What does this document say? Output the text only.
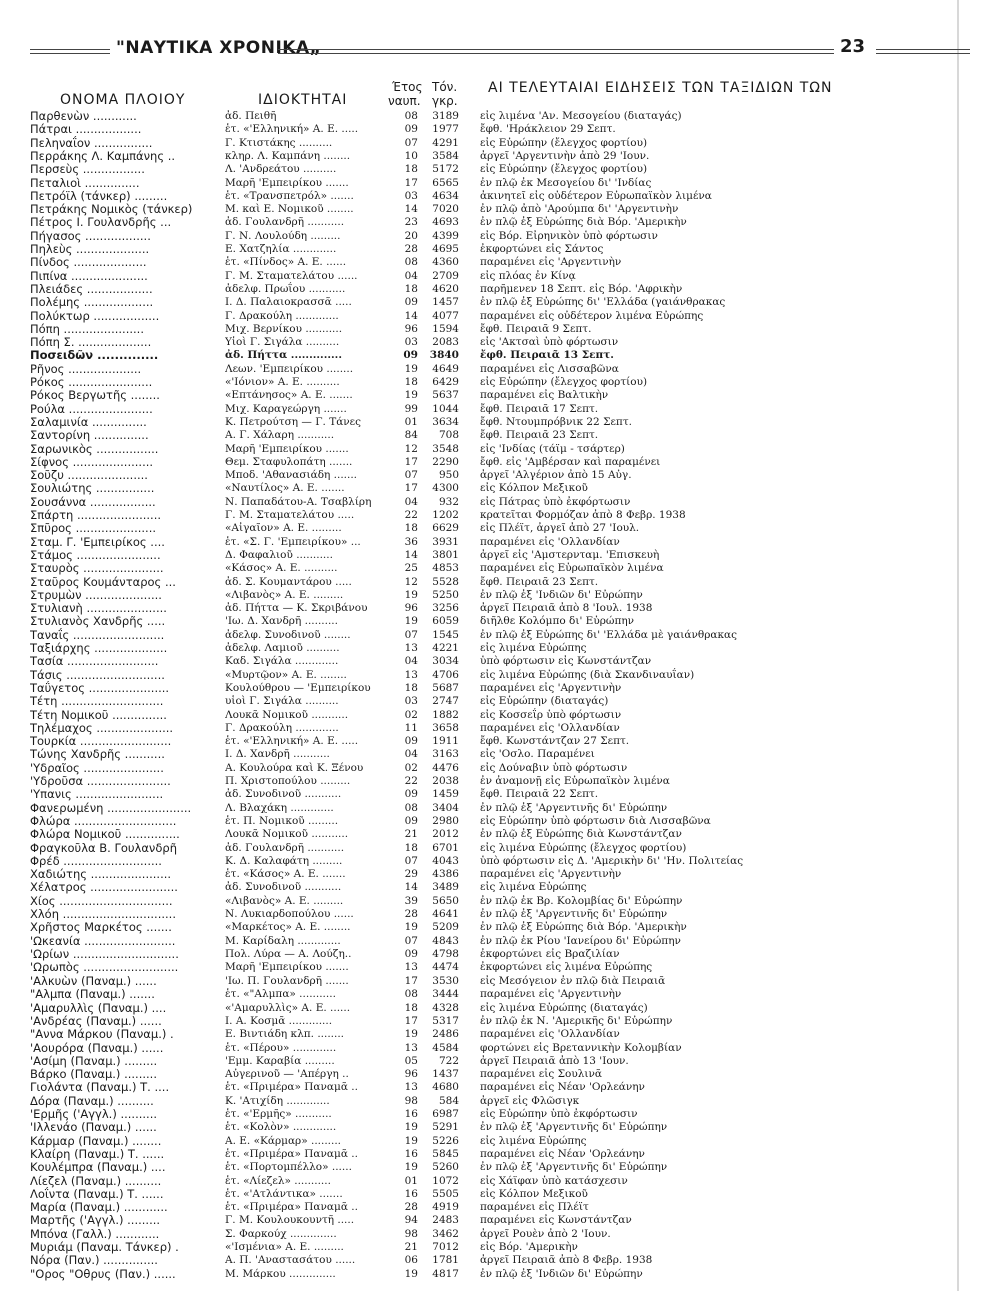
"ΝΑΥΤΙΚΑ ΧΡΟΝΙΚΑ„	23
ΟΝΟΜΑ ΠΛΟΙΟΥ	ΙΔΙΟΚΤΗΤΑΙ
Έτος
ναυπ.
Τόν.
γκρ.
ΑΙ ΤΕΛΕΥΤΑΙΑΙ ΕΙΔΗΣΕΙΣ ΤΩΝ ΤΑΞΙΔΙΩΝ ΤΩΝ
Παρθενὼν ............	ἀδ. Πειθῆ	08	3189 εἰς λιμένα 'Αν. Μεσογείου (διαταγάς)
Πάτραι ..................	ἑτ. «'Ελληνική» Α. Ε. .....	09	1977 ἔφθ. 'Ηράκλειον 29 Σεπτ.
Πεληναΐον ................	Γ. Κτιστάκης ..........	07	4291 εἰς Εὐρώπην (ἔλεγχος φορτίου)
Περράκης Λ. Καμπάνης ..	κληρ. Λ. Καμπάνη ........	10	3584 ἀργεῖ 'Αργεντινὴν ἀπὸ 29 'Ιουν.
Περσεὺς .................	Λ. 'Ανδρεάτου ..........	18	5172 εἰς Εὐρώπην (ἔλεγχος φορτίου)
Πεταλιοὶ ...............	Μαρῆ 'Εμπειρίκου .......	17	6565 ἐν πλῷ ἐκ Μεσογείου δι' 'Ινδίας
Πετρόϊλ (τάνκερ) .........	ἑτ. «Τρανσπετρόλ» .......	03	4634 ἀκινητεῖ εἰς οὐδέτερον Εὐρωπαϊκὸν λιμένα
Πετράκης Νομικὸς (τάνκερ)	Μ. καὶ Ε. Νομικοῦ ........	14	7020 ἐν πλῷ ἀπὸ 'Αρούμπα δι' 'Αργεντινὴν
Πέτρος Ι. Γουλανδρῆς ...	ἀδ. Γουλανδρῆ ...........	23	4693 ἐν πλῷ ἐξ Εὐρώπης διὰ Βόρ. 'Αμερικὴν
Πήγασος ..................	Γ. Ν. Λουλούδη .........	20	4399 εἰς Βόρ. Εἰρηνικὸν ὑπὸ φόρτωσιν
Πηλεὺς ....................	Ε. Χατζηλία .............	28	4695 ἐκφορτώνει εἰς Σάντος
Πίνδος ....................	ἑτ. «Πίνδος» Α. Ε. ......	08	4360 παραμένει εἰς 'Αργεντινὴν
Πιπίνα .....................	Γ. Μ. Σταματελάτου ......	04	2709 εἰς πλόας ἐν Κίνᾳ
Πλειάδες ..................	ἀδελφ. Πρωΐου ...........	18	4620 παρῆμενεν 18 Σεπτ. εἰς Βόρ. 'Αφρικὴν
Πολέμης ...................	Ι. Δ. Παλαιοκρασσᾶ .....	09	1457 ἐν πλῷ ἐξ Εὐρώπης δι' 'Ελλάδα (γαιάνθρακας
Πολύκτωρ ..................	Γ. Δρακούλη .............	14	4077 παραμένει εἰς οὐδέτερον λιμένα Εὐρώπης
Πόπη ......................	Μιχ. Βερνίκου ...........	96	1594 ἔφθ. Πειραιᾶ 9 Σεπτ.
Πόπη Σ. ....................	Υἱοὶ Γ. Σιγάλα ..........	03	2083 εἰς 'Ακτσαὶ ὑπὸ φόρτωσιν
Ποσειδῶν ..............	ἀδ. Πήττα ..............	09	3840 ἔφθ. Πειραιᾶ 13 Σεπτ.
Ρῆνος ....................	Λεων. 'Εμπειρίκου ........	19	4649 παραμένει εἰς Λισσαβῶνα
Ρόκος .......................	«'Ιόνιον» Α. Ε. ..........	18	6429 εἰς Εὐρώπην (ἔλεγχος φορτίου)
Ρόκος Βεργωτῆς ........	«Επτάνησος» Α. Ε. .......	19	5637 παραμένει εἰς Βαλτικὴν
Ρούλα .......................	Μιχ. Καραγεώργη .......	99	1044 ἔφθ. Πειραιᾶ 17 Σεπτ.
Σαλαμινία ...............	Κ. Πετρούτση — Γ. Τάνες	01	3634 ἔφθ. Ντουμπρόβνικ 22 Σεπτ.
Σαντορίνη ...............	Α. Γ. Χάλαρη ...........	84	708 ἔφθ. Πειραιᾶ 23 Σεπτ.
Σαρωνικὸς .................	Μαρῆ 'Εμπειρίκου .......	12	3548 εἰς 'Ινδίας (τάϊμ - τσάρτερ)
Σίφνος ......................	Θεμ. Σταφυλοπάτη .......	17	2290 ἔφθ. εἰς 'Αμβέρσαν καὶ παραμένει
Σοῦζυ ......................	Μποδ. 'Αθανασιάδη .......	07	950 ἀργεῖ 'Αλγέριον ἀπὸ 15 Αὐγ.
Σουλιώτης ................	«Ναυτίλος» Α. Ε. .......	17	4300 εἰς Κόλπον Μεξικοῦ
Σουσάννα ..................	Ν. Παπαδάτου-Α. Τσαβλίρη	04	932 εἰς Πάτρας ὑπὸ ἐκφόρτωσιν
Σπάρτη .......................	Γ. Μ. Σταματελάτου .....	22	1202 κρατεῖται Φορμόζαν ἀπὸ 8 Φεβρ. 1938
Σπῦρος ......................	«Αἰγαῖον» Α. Ε. .........	18	6629 εἰς Πλέϊτ, ἀργεῖ ἀπὸ 27 'Ιουλ.
Σταμ. Γ. 'Εμπειρίκος ....	ἑτ. «Σ. Γ. 'Εμπειρίκου» ...	36	3931 παραμένει εἰς 'Ολλανδίαν
Στάμος .......................	Δ. Φαφαλιοῦ ...........	14	3801 ἀργεῖ εἰς 'Αμστερνταμ. 'Επισκευὴ
Σταυρὸς ......................	«Κάσος» Α. Ε. ..........	25	4853 παραμένει εἰς Εὐρωπαϊκὸν λιμένα
Σταῦρος Κουμάνταρος ...	ἀδ. Σ. Κουμαντάρου .....	12	5528 ἔφθ. Πειραιᾶ 23 Σεπτ.
Στρυμὼν .....................	«Λιβανὸς» Α. Ε. .........	19	5250 ἐν πλῷ ἐξ 'Ινδιῶν δι' Εὐρώπην
Στυλιανὴ ......................	ἀδ. Πήττα — Κ. Σκριβάνου	96	3256 ἀργεῖ Πειραιᾶ ἀπὸ 8 'Ιουλ. 1938
Στυλιανὸς Χανδρῆς .....	'Ιω. Δ. Χανδρῆ ..........	19	6059 διῆλθε Κολόμπο δι' Εὐρώπην
Ταναΐς .........................	ἀδελφ. Συνοδινοῦ ........	07	1545 ἐν πλῷ ἐξ Εὐρώπης δι' 'Ελλάδα μὲ γαιάνθρακας
Ταξιάρχης ....................	ἀδελφ. Λαμιοῦ ..........	13	4221 εἰς λιμένα Εὐρώπης
Τασία .........................	Καδ. Σιγάλα .............	04	3034 ὑπὸ φόρτωσιν εἰς Κωνστάντζαν
Τάσις ...........................	«Μυρτῷον» Α. Ε. ........	13	4706 εἰς λιμένα Εὐρώπης (διὰ Σκανδιναυΐαν)
Ταΰγετος ......................	Κουλούθρου — 'Εμπειρίκου	18	5687 παραμένει εἰς 'Αργεντινὴν
Τέτη ............................	υἱοὶ Γ. Σιγάλα ..........	03	2747 εἰς Εὐρώπην (διαταγάς)
Τέτη Νομικοῦ ...............	Λουκᾶ Νομικοῦ ...........	02	1882 εἰς Κοσσεΐρ ὑπὸ φόρτωσιν
Τηλέμαχος .....................	Γ. Δρακούλη .............	11	3658 παραμένει εἰς 'Ολλανδίαν
Τουρκία .........................	ἑτ. «'Ελληνική» Α. Ε. .....	09	1911 ἔφθ. Κωνστάντζαν 27 Σεπτ.
Τώνης Χανδρῆς ...........	Ι. Δ. Χανδρῆ ...........	04	3163 εἰς 'Οσλο. Παραμένει
'Υδραῖος ......................	Α. Κουλούρα καὶ Κ. Ξένου	02	4476 εἰς Δούναβιν ὑπὸ φόρτωσιν
'Υδροῦσα .......................	Π. Χριστοπούλου .........	22	2038 ἐν ἀναμονῇ εἰς Εὐρωπαϊκὸν λιμένα
'Υπανις ........................	ἀδ. Συνοδινοῦ ...........	09	1459 ἔφθ. Πειραιᾶ 22 Σεπτ.
Φανερωμένη .......................	Λ. Βλαχάκη .............	08	3404 ἐν πλῷ ἐξ 'Αργεντινῆς δι' Εὐρώπην
Φλώρα ............................	ἑτ. Π. Νομικοῦ .........	09	2980 εἰς Εὐρώπην ὑπὸ φόρτωσιν διὰ Λισσαβῶνα
Φλώρα Νομικοῦ ...............	Λουκᾶ Νομικοῦ ...........	21	2012 ἐν πλῷ ἐξ Εὐρώπης διὰ Κωνστάντζαν
Φραγκοῦλα Β. Γουλανδρῆ	ἀδ. Γουλανδρῆ ...........	18	6701 εἰς λιμένα Εὐρώπης (ἔλεγχος φορτίου)
Φρέδ ...........................	Κ. Δ. Καλαφάτη .........	07	4043 ὑπὸ φόρτωσιν εἰς Δ. 'Αμερικὴν δι' 'Ην. Πολιτείας
Χαδιώτης ......................	ἑτ. «Κάσος» Α. Ε. .......	29	4386 παραμένει εἰς 'Αργεντινὴν
Χέλατρος ........................	ἀδ. Συνοδινοῦ ...........	14	3489 εἰς λιμένα Εὐρώπης
Χίος ...............................	«Λιβανὸς» Α. Ε. .........	39	5650 ἐν πλῷ ἐκ Βρ. Κολομβίας δι' Εὐρώπην
Χλόη ...............................	Ν. Λυκιαρδοπούλου ......	28	4641 ἐν πλῷ ἐξ 'Αργεντινῆς δι' Εὐρώπην
Χρῆστος Μαρκέτος .......	«Μαρκέτος» Α. Ε. ........	19	5209 ἐν πλῷ ἐξ Εὐρώπης διὰ Βόρ. 'Αμερικὴν
'Ωκεανία .........................	Μ. Καρίδαλη .............	07	4843 ἐν πλῷ ἐκ Ρίου 'Ιανείρου δι' Εὐρώπην
'Ωρίων .............................	Πολ. Λύρα — Α. Λούζη..	09	4798 ἐκφορτώνει εἰς Βραζιλίαν
'Ωρωπὸς ..........................	Μαρῆ 'Εμπειρίκου .......	13	4474 ἐκφορτώνει εἰς λιμένα Εὐρώπης
'Αλκυὼν (Παναμ.) ......	'Ιω. Π. Γουλανδρῆ .......	17	3530 εἰς Μεσόγειον ἐν πλῷ διὰ Πειραιᾶ
"Αλμπα (Παναμ.) .......	ἑτ. «"Αλμπα» ...........	08	3444 παραμένει εἰς 'Αργεντινὴν
'Αμαρυλλὶς (Παναμ.) ....	«'Αμαρυλλὶς» Α. Ε. ......	18	4328 εἰς λιμένα Εὐρώπης (διαταγάς)
'Ανδρέας (Παναμ.) ......	Ι. Α. Κοσμᾶ .............	17	5317 ἐν πλῷ ἐκ Ν. 'Αμερικῆς δι' Εὐρώπην
"Αννα Μάρκου (Παναμ.) .	Ε. Βιντιάδη κλπ. ........	19	2486 παραμένει εἰς 'Ολλανδίαν
'Αουρόρα (Παναμ.) ......	ἑτ. «Πέρου» .............	13	4584 φορτώνει εἰς Βρεταννικὴν Κολομβίαν
'Ασίμη (Παναμ.) .........	'Εμμ. Καραβία .........	05	722 ἀργεῖ Πειραιᾶ ἀπὸ 13 'Ιουν.
Βάρκο (Παναμ.) .........	Αὐγερινοῦ — 'Απέργη ..	96	1437 παραμένει εἰς Σουλινᾶ
Γιολάντα (Παναμ.) Τ. ....	ἑτ. «Πριμέρα» Παναμᾶ ..	13	4680 παραμένει εἰς Νέαν 'Ορλεάνην
Δόρα (Παναμ.) ..........	Κ. 'Ατιχίδη .............	98	584 ἀργεῖ εἰς Φλῶσιγκ
'Ερμῆς ('Αγγλ.) ..........	ἑτ. «'Ερμῆς» ...........	16	6987 εἰς Εὐρώπην ὑπὸ ἐκφόρτωσιν
'Ιλλενάο (Παναμ.) ......	ἑτ. «Κολὸν» .............	19	5291 ἐν πλῷ ἐξ 'Αργεντινῆς δι' Εὐρώπην
Κάρμαρ (Παναμ.) ........	Α. Ε. «Κάρμαρ» .........	19	5226 εἰς λιμένα Εὐρώπης
Κλαίρη (Παναμ.) Τ. ......	ἑτ. «Πριμέρα» Παναμᾶ ..	16	5845 παραμένει εἰς Νέαν 'Ορλεάνην
Κουλέμπρα (Παναμ.) ....	ἑτ. «Πορτομπέλλο» ......	19	5260 ἐν πλῷ ἐξ 'Αργεντινῆς δι' Εὐρώπην
Λίεζελ (Παναμ.) ..........	ἑτ. «Λίεζελ» ...........	01	1072 εἰς Χάϊφαν ὑπὸ κατάσχεσιν
Λοΐντα (Παναμ.) Τ. ......	ἑτ. «'Ατλάντικα» .......	16	5505 εἰς Κόλπον Μεξικοῦ
Μαρία (Παναμ.) ............	ἑτ. «Πριμέρα» Παναμᾶ ..	28	4919 παραμένει εἰς Πλέϊτ
Μαρτῆς ('Αγγλ.) .........	Γ. Μ. Κουλουκουντῆ .....	94	2483 παραμένει εἰς Κωνστάντζαν
Μπόνα (Γαλλ.) ............	Σ. Φαρκούχ ..............	98	3462 ἀργεῖ Ρουὲν ἀπὸ 2 'Ιουν.
Μυριάμ (Παναμ. Τάνκερ) .	«'Ισμένια» Α. Ε. .........	21	7012 εἰς Βόρ. 'Αμερικὴν
Νόρα (Παν.) ...............	Α. Π. 'Αναστασάτου ......	06	1781 ἀργεῖ Πειραιᾶ ἀπὸ 8 Φεβρ. 1938
"Ορος "Οθρυς (Παν.) ......	Μ. Μάρκου ..............	19	4817 ἐν πλῷ ἐξ 'Ινδιῶν δι' Εὐρώπην
